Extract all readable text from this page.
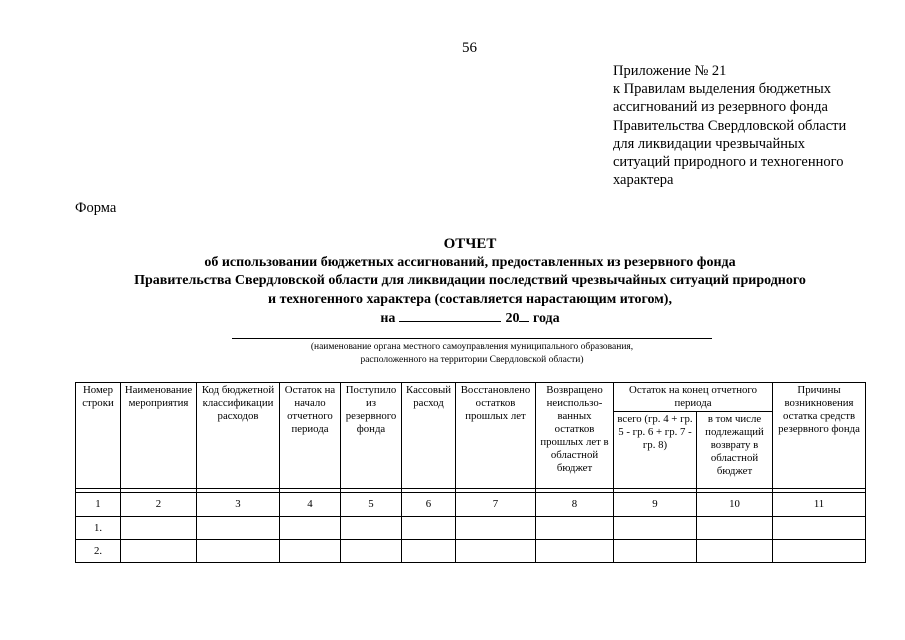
56
Приложение № 21
к Правилам выделения бюджетных
ассигнований из резервного фонда
Правительства Свердловской области
для ликвидации чрезвычайных
ситуаций природного и техногенного
характера
Форма
ОТЧЕТ
об использовании бюджетных ассигнований, предоставленных из резервного фонда
Правительства Свердловской области для ликвидации последствий чрезвычайных ситуаций природного
и техногенного характера (составляется нарастающим итогом),
на	20 года
(наименование органа местного самоуправления муниципального образования,
расположенного на территории Свердловской области)
Номер строки	Наименование мероприятия	Код бюджетной классификации расходов	Остаток на начало отчетного периода	Поступило из резервного фонда	Кассовый расход	Восстановлено остатков прошлых лет	Возвращено неиспользо-ванных остатков прошлых лет в областной бюджет	Остаток на конец отчетного периода		Причины возникновения остатка средств резервного фонда
								всего (гр. 4 + гр. 5 - гр. 6 + гр. 7 - гр. 8)	в том числе подлежащий возврату в областной бюджет	

1	2	3	4	5	6	7	8	9	10	11
1.										
2.										
